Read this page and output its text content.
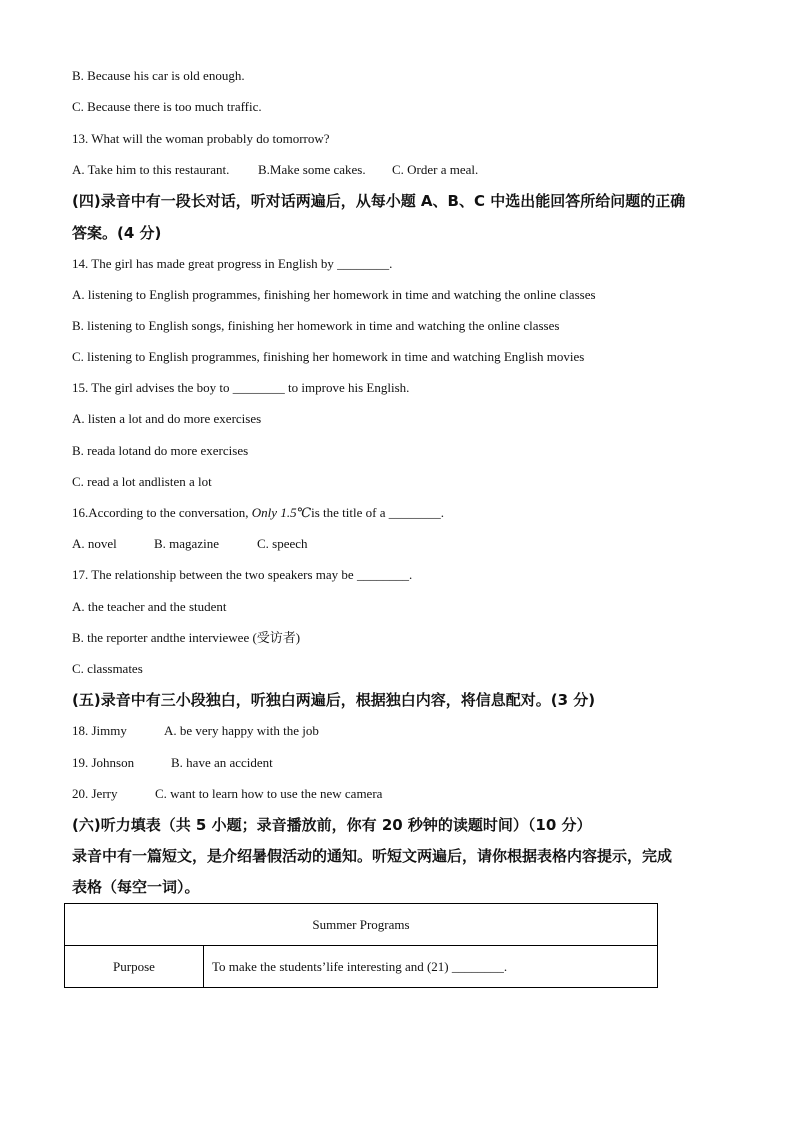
B. Because his car is old enough.
C. Because there is too much traffic.
13. What will the woman probably do tomorrow?
A. Take him to this restaurant. B.Make some cakes. C. Order a meal.
(四)录音中有一段长对话，听对话两遍后，从每小题 A、B、C 中选出能回答所给问题的正确
答案。(4 分)
14. The girl has made great progress in English by ________.
A. listening to English programmes, finishing her homework in time and watching the online classes
B. listening to English songs, finishing her homework in time and watching the online classes
C. listening to English programmes, finishing her homework in time and watching English movies
15. The girl advises the boy to ________ to improve his English.
A. listen a lot and do more exercises
B. reada lotand do more exercises
C. read a lot andlisten a lot
16.According to the conversation, Only 1.5℃is the title of a ________.
A. novel	B. magazine	C. speech
17. The relationship between the two speakers may be ________.
A. the teacher and the student
B. the reporter andthe interviewee (受访者)
C. classmates
(五)录音中有三小段独白，听独白两遍后，根据独白内容，将信息配对。(3 分)
18. Jimmy	A. be very happy with the job
19. Johnson	B. have an accident
20. Jerry	C. want to learn how to use the new camera
(六)听力填表（共 5 小题；录音播放前，你有 20 秒钟的读题时间）（10 分）
录音中有一篇短文，是介绍暑假活动的通知。听短文两遍后，请你根据表格内容提示，完成
表格（每空一词）。
Summer Programs
Purpose	To make the students’life interesting and (21) ________.
